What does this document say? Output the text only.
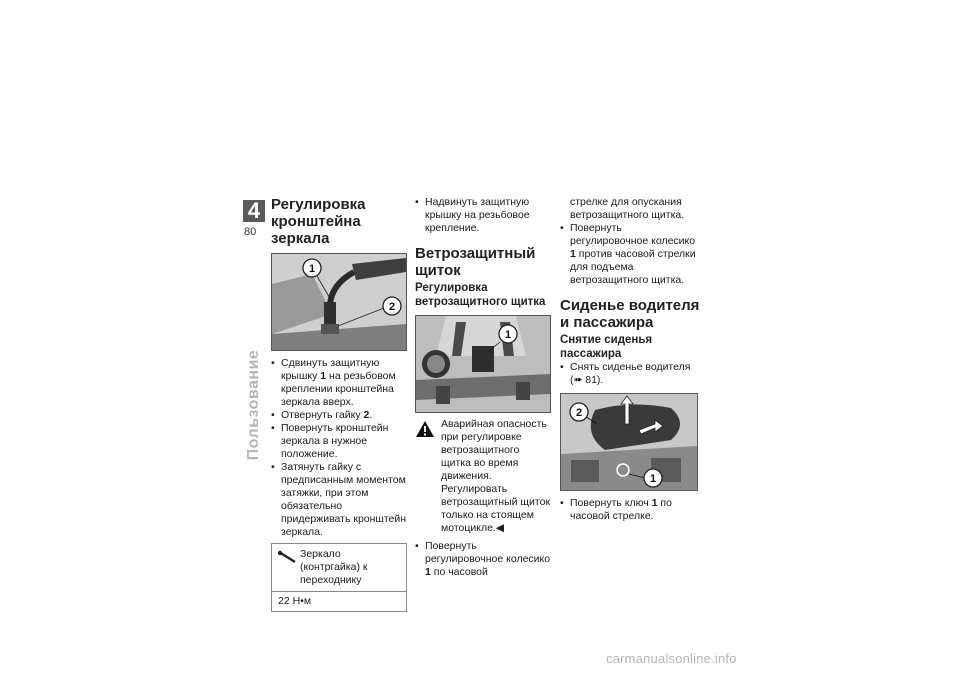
4
80
Пользование
Регулировка кронштейна зеркала
1
2
• Сдвинуть защитную крышку 1 на резьбовом креплении кронштейна зеркала вверх.
• Отвернуть гайку 2.
• Повернуть кронштейн зеркала в нужное положение.
• Затянуть гайку с предписанным моментом затяжки, при этом обязательно придерживать кронштейн зеркала.
Зеркало (контргайка) к переходнику
22 Н•м
• Надвинуть защитную крышку на резьбовое крепление.
Ветрозащитный щиток
Регулировка ветрозащитного щитка
1
Аварийная опасность при регулировке ветрозащитного щитка во время движения. Регулировать ветрозащитный щиток только на стоящем мотоцикле.◀
• Повернуть регулировочное колесико 1 по часовой
стрелке для опускания ветрозащитного щитка.
• Повернуть регулировочное колесико 1 против часовой стрелки для подъема ветрозащитного щитка.
Сиденье водителя и пассажира
Снятие сиденья пассажира
• Снять сиденье водителя (➠ 81).
2
1
• Повернуть ключ 1 по часовой стрелке.
carmanualsonline.info
